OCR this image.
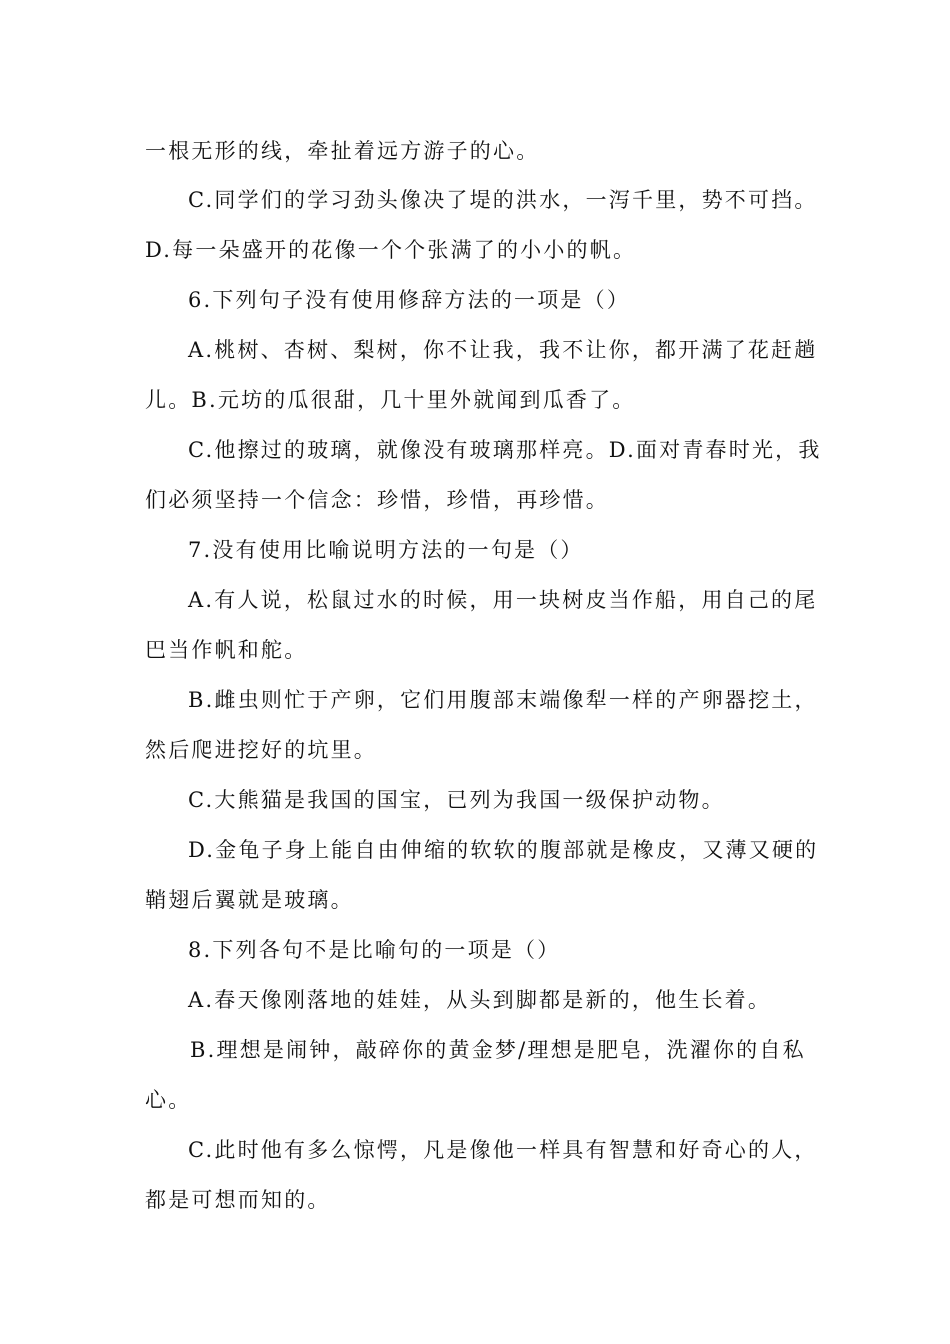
一根无形的线，牵扯着远方游子的心。
C.同学们的学习劲头像决了堤的洪水，一泻千里，势不可挡。
D.每一朵盛开的花像一个个张满了的小小的帆。
6.下列句子没有使用修辞方法的一项是（）
A.桃树、杏树、梨树，你不让我，我不让你，都开满了花赶趟
儿。B.元坊的瓜很甜，几十里外就闻到瓜香了。
C.他擦过的玻璃，就像没有玻璃那样亮。D.面对青春时光，我
们必须坚持一个信念：珍惜，珍惜，再珍惜。
7.没有使用比喻说明方法的一句是（）
A.有人说，松鼠过水的时候，用一块树皮当作船，用自己的尾
巴当作帆和舵。
B.雌虫则忙于产卵，它们用腹部末端像犁一样的产卵器挖土，
然后爬进挖好的坑里。
C.大熊猫是我国的国宝，已列为我国一级保护动物。
D.金龟子身上能自由伸缩的软软的腹部就是橡皮，又薄又硬的
鞘翅后翼就是玻璃。
8.下列各句不是比喻句的一项是（）
A.春天像刚落地的娃娃，从头到脚都是新的，他生长着。
B.理想是闹钟，敲碎你的黄金梦/理想是肥皂，洗濯你的自私
心。
C.此时他有多么惊愕，凡是像他一样具有智慧和好奇心的人，
都是可想而知的。
